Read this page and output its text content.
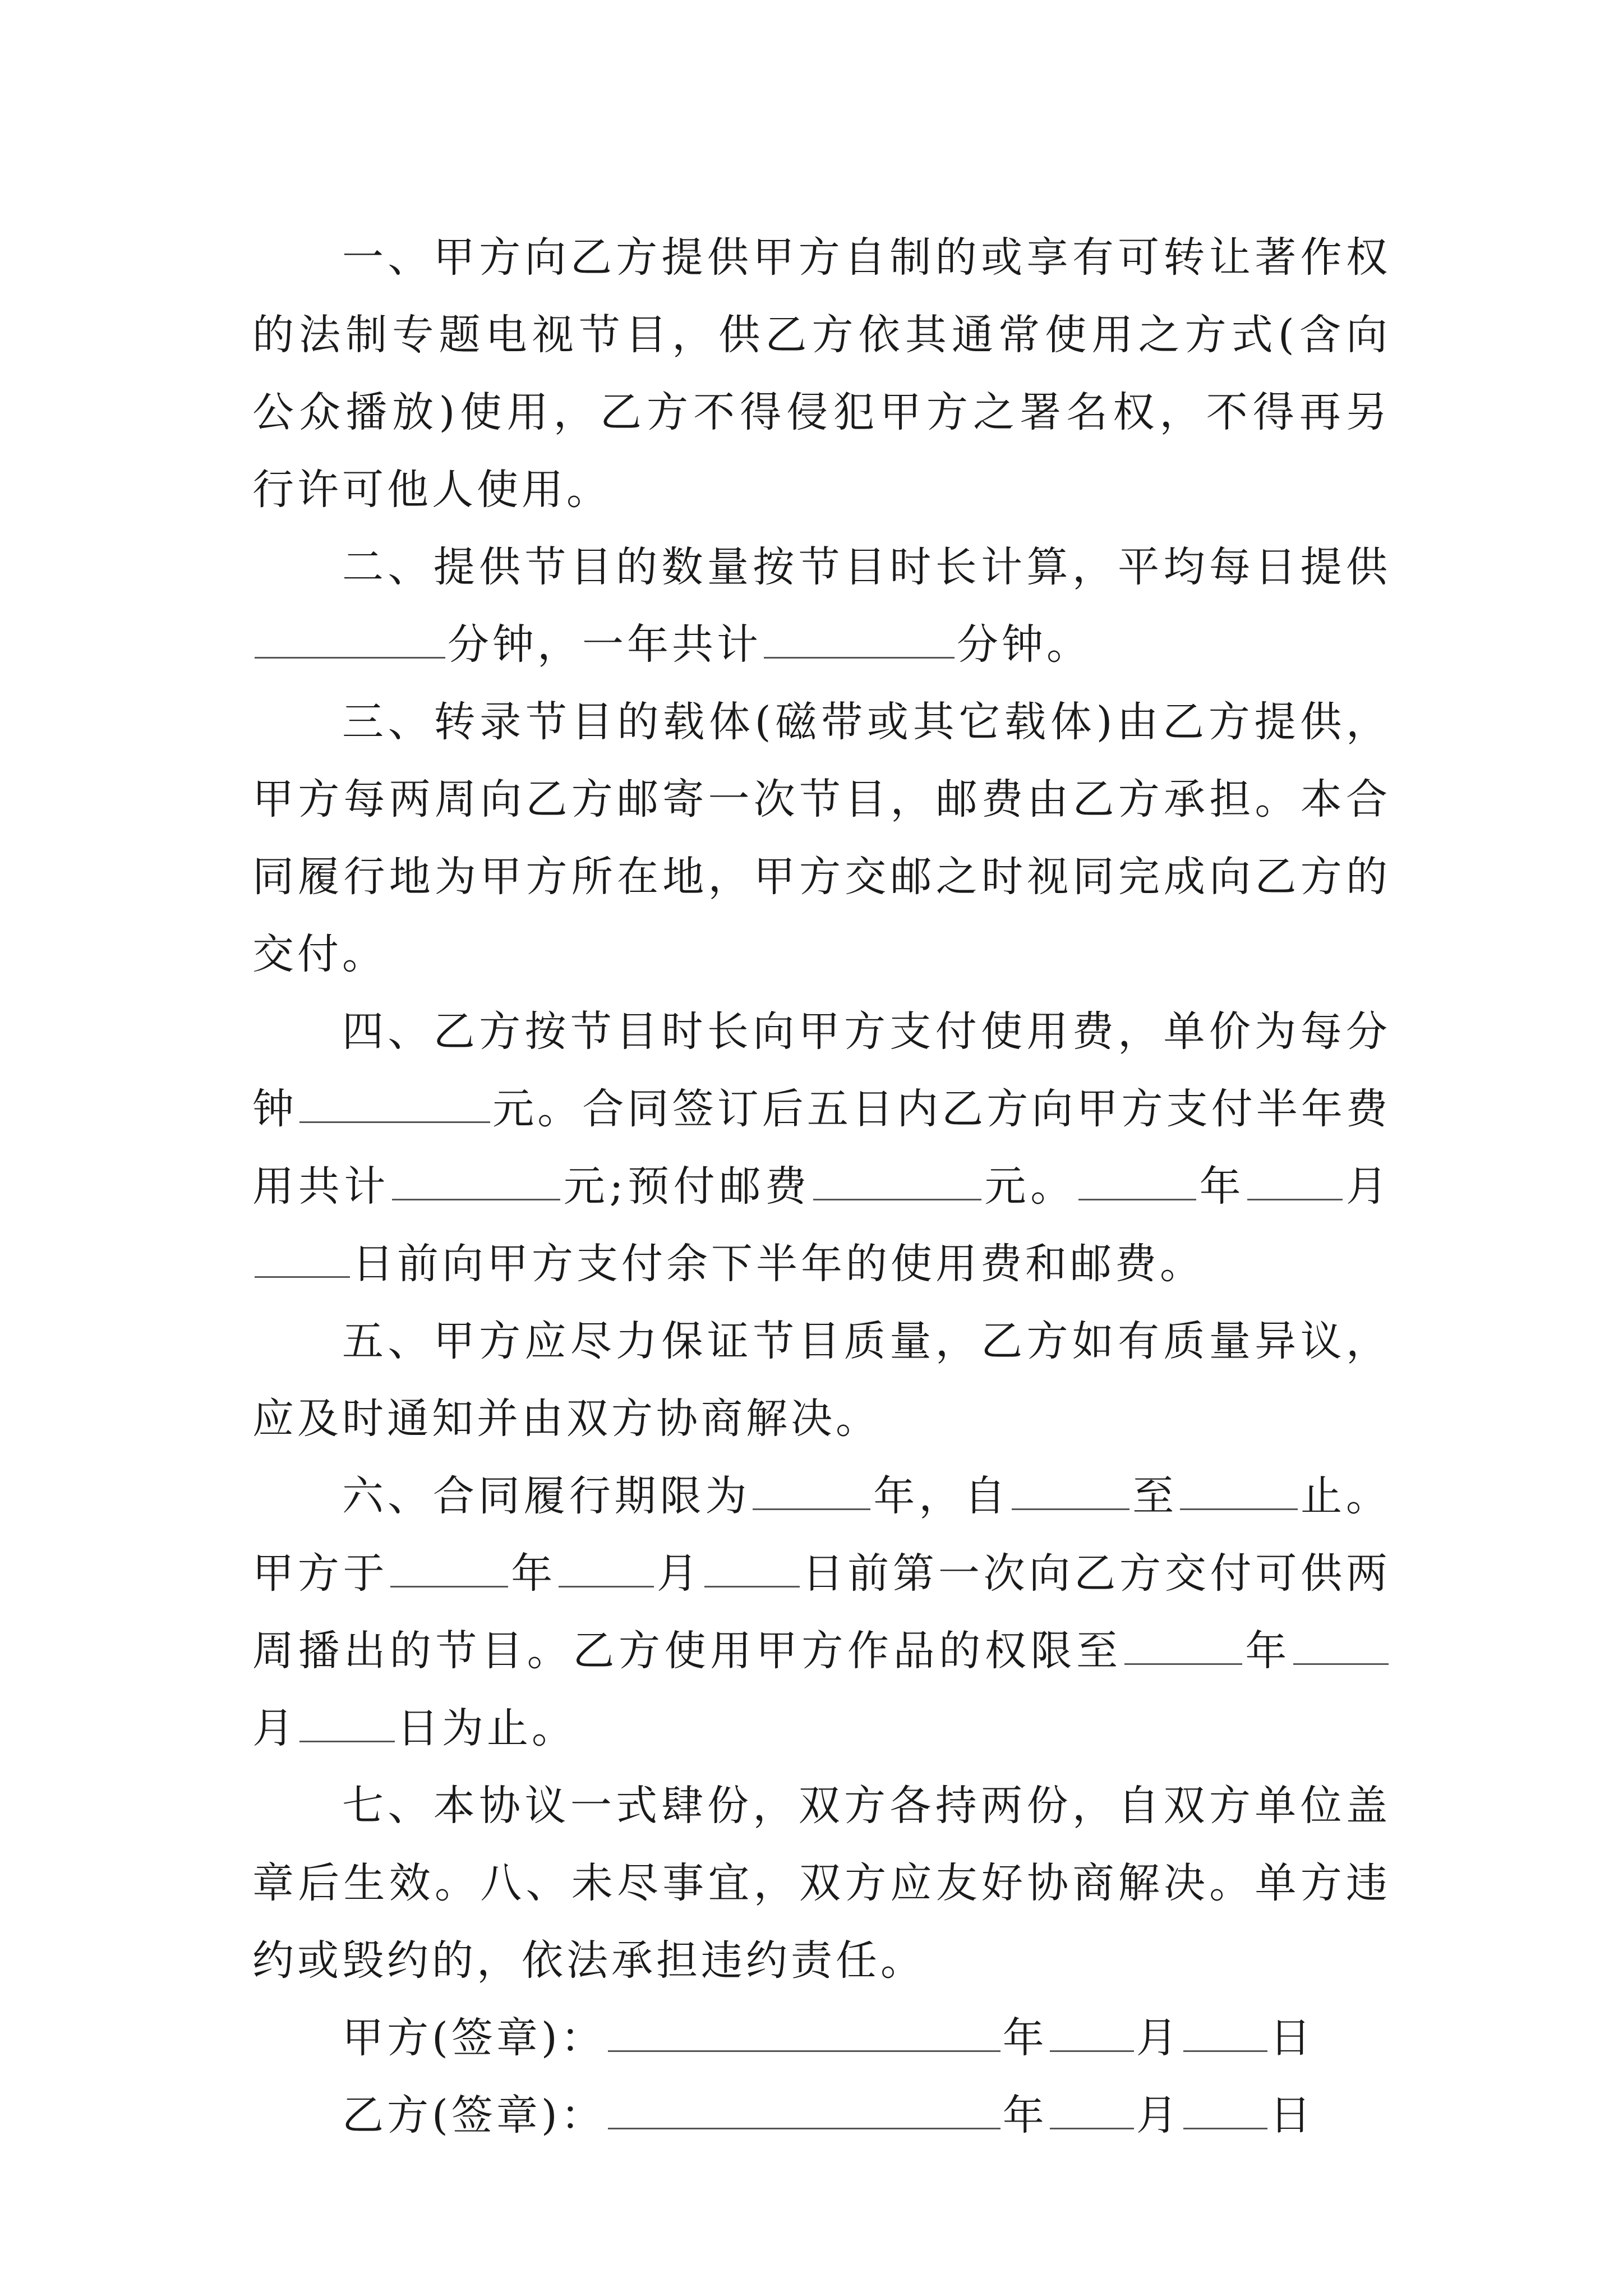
一、甲方向乙方提供甲方自制的或享有可转让著作权的法制专题电视节目，供乙方依其通常使用之方式(含向公众播放)使用，乙方不得侵犯甲方之署名权，不得再另行许可他人使用。

二、提供节目的数量按节目时长计算，平均每日提供分钟，一年共计	分钟。

三、转录节目的载体(磁带或其它载体)由乙方提供，甲方每两周向乙方邮寄一次节目，邮费由乙方承担。本合同履行地为甲方所在地，甲方交邮之时视同完成向乙方的交付。

四、乙方按节目时长向甲方支付使用费，单价为每分钟	元。合同签订后五日内乙方向甲方支付半年费用共计	元;预付邮费	元。	年 月日前向甲方支付余下半年的使用费和邮费。

五、甲方应尽力保证节目质量，乙方如有质量异议，应及时通知并由双方协商解决。

六、合同履行期限为	年，自	至	止。甲方于	年 月 日前第一次向乙方交付可供两周播出的节目。乙方使用甲方作品的权限至	年月 日为止。

七、本协议一式肆份，双方各持两份，自双方单位盖章后生效。八、未尽事宜，双方应友好协商解决。单方违约或毁约的，依法承担违约责任。

甲方(签章)：	年 月 日
乙方(签章)：	年 月 日
